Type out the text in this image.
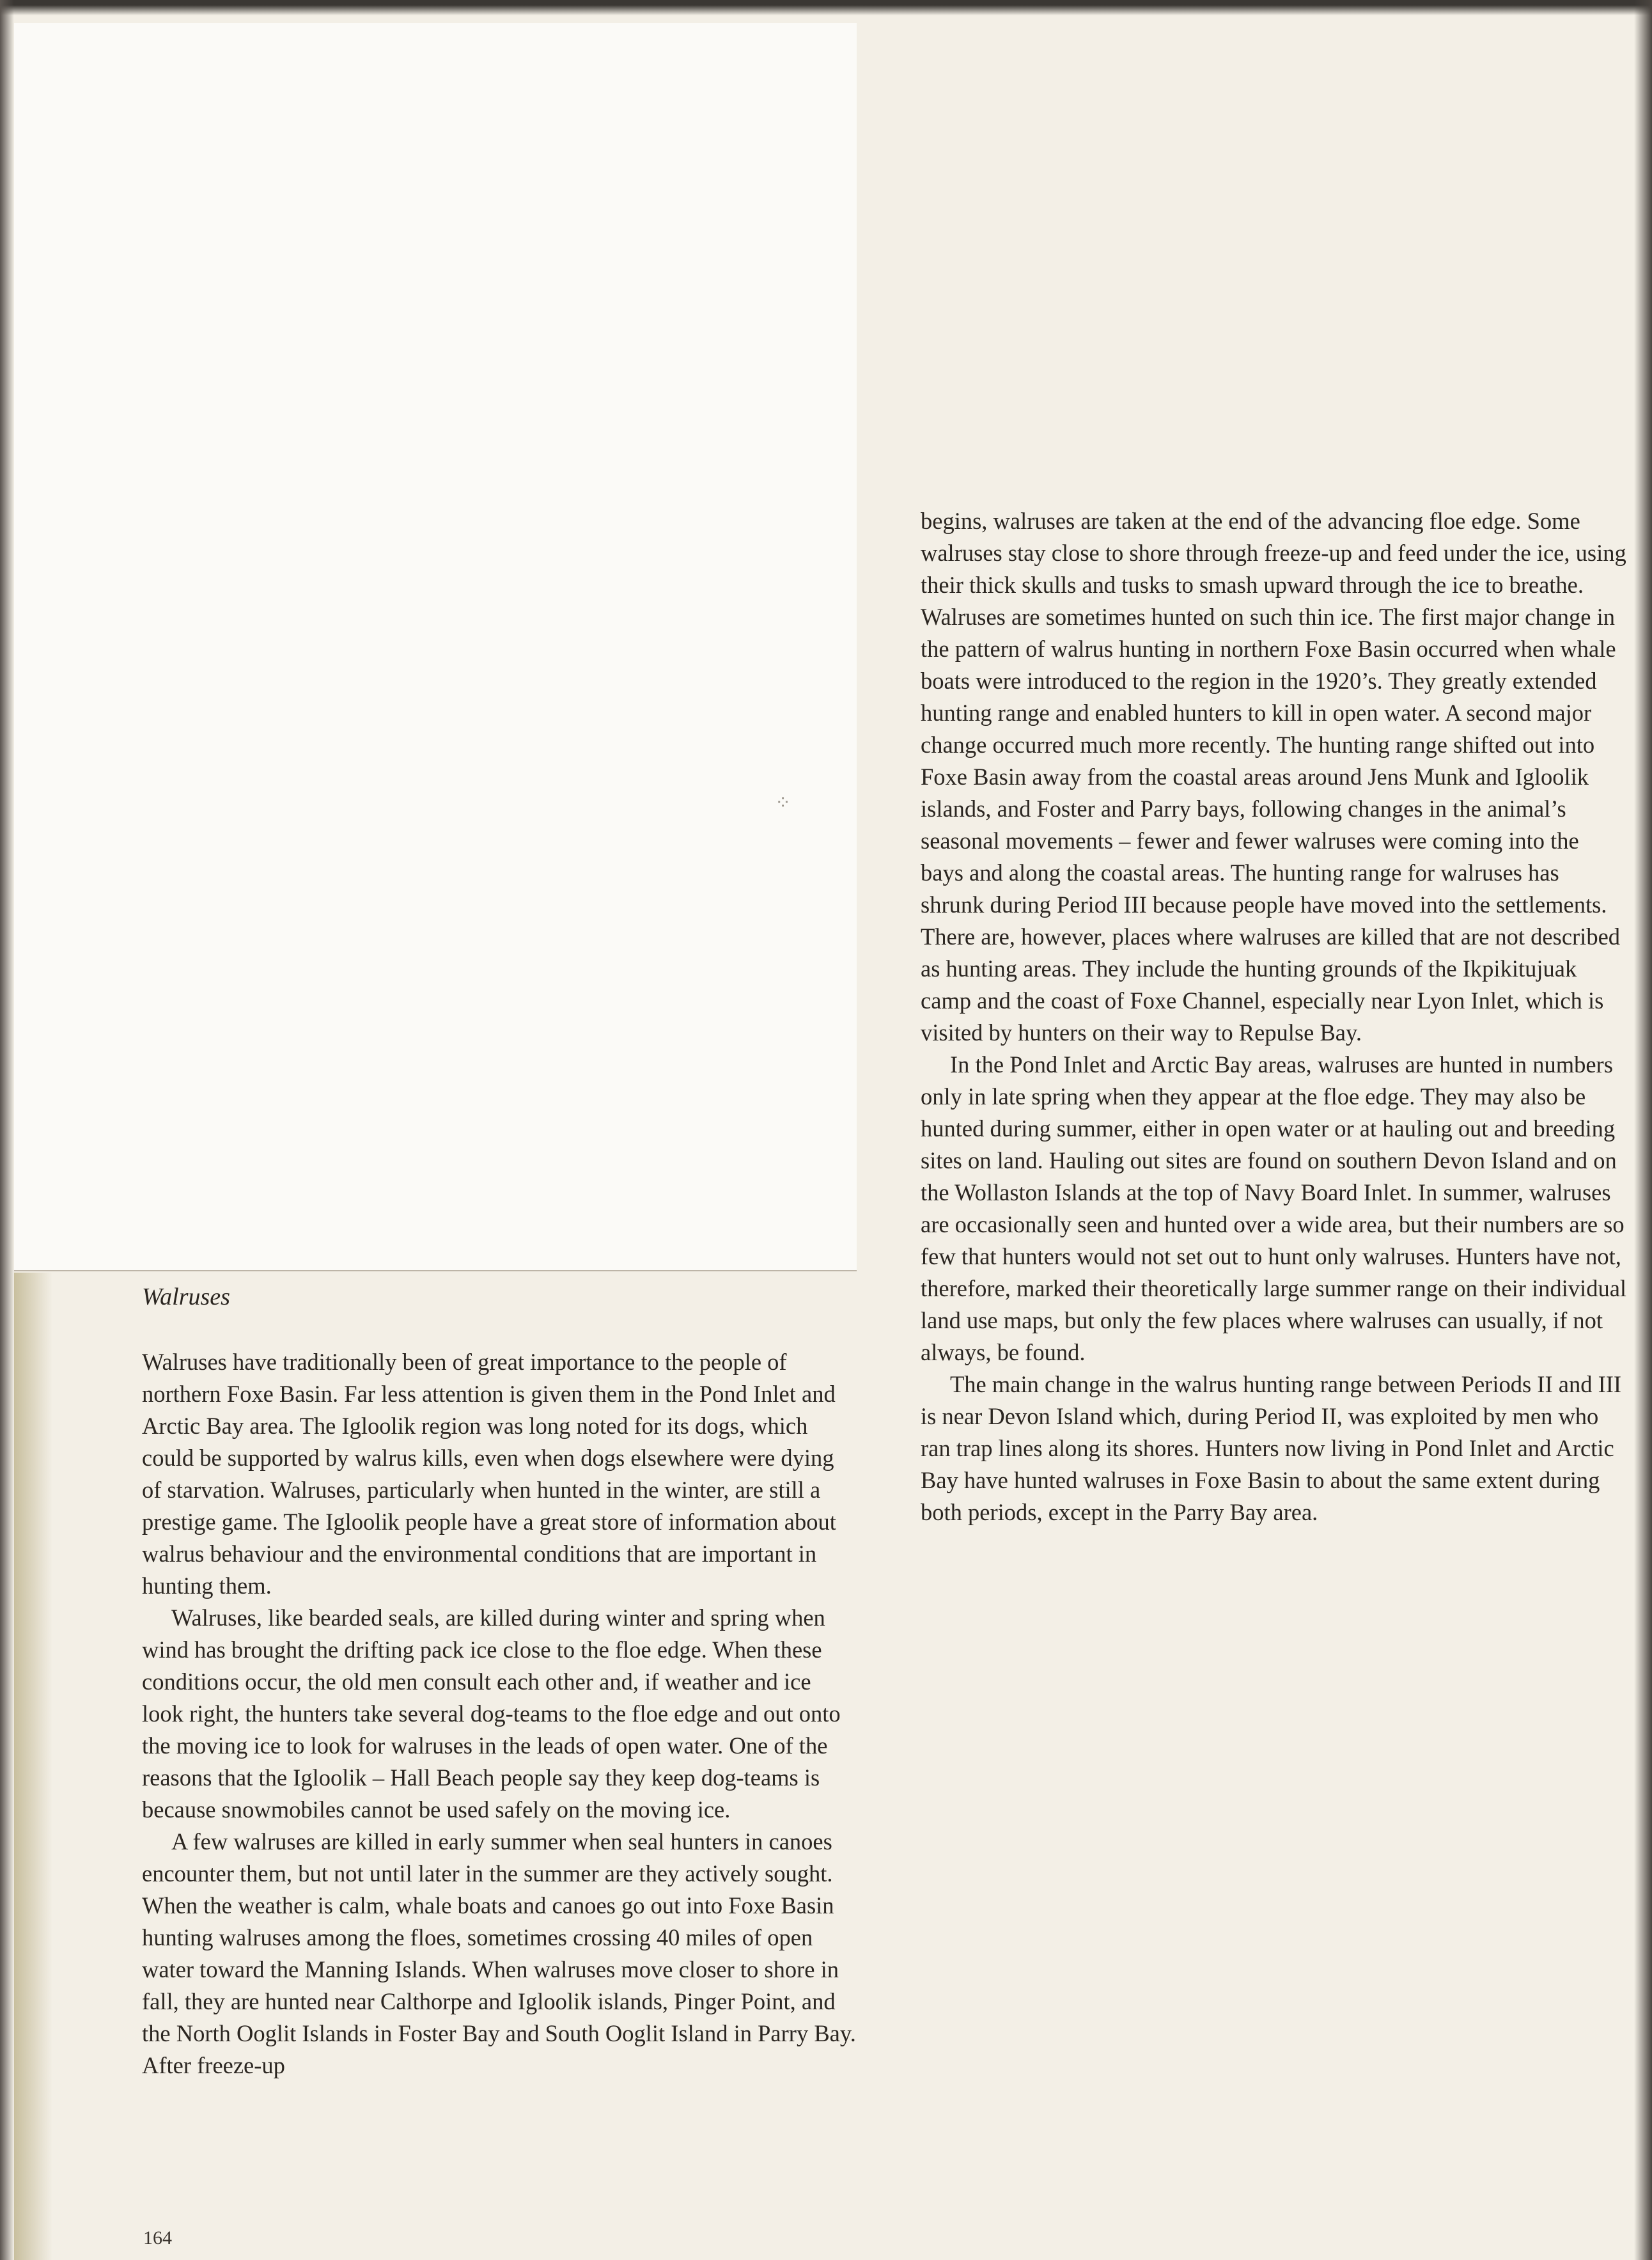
⁘
Walruses

Walruses have traditionally been of great importance to the people of northern Foxe Basin. Far less attention is given them in the Pond Inlet and Arctic Bay area. The Igloolik region was long noted for its dogs, which could be supported by walrus kills, even when dogs elsewhere were dying of starvation. Walruses, particularly when hunted in the winter, are still a prestige game. The Igloolik people have a great store of information about walrus behaviour and the environmental conditions that are important in hunting them.

Walruses, like bearded seals, are killed during winter and spring when wind has brought the drifting pack ice close to the floe edge. When these conditions occur, the old men consult each other and, if weather and ice look right, the hunters take several dog-teams to the floe edge and out onto the moving ice to look for walruses in the leads of open water. One of the reasons that the Igloolik – Hall Beach people say they keep dog-teams is because snowmobiles cannot be used safely on the moving ice.

A few walruses are killed in early summer when seal hunters in canoes encounter them, but not until later in the summer are they actively sought. When the weather is calm, whale boats and canoes go out into Foxe Basin hunting walruses among the floes, sometimes crossing 40 miles of open water toward the Manning Islands. When walruses move closer to shore in fall, they are hunted near Calthorpe and Igloolik islands, Pinger Point, and the North Ooglit Islands in Foster Bay and South Ooglit Island in Parry Bay. After freeze-up

begins, walruses are taken at the end of the advancing floe edge. Some walruses stay close to shore through freeze-up and feed under the ice, using their thick skulls and tusks to smash upward through the ice to breathe. Walruses are sometimes hunted on such thin ice. The first major change in the pattern of walrus hunting in northern Foxe Basin occurred when whale boats were introduced to the region in the 1920’s. They greatly extended hunting range and enabled hunters to kill in open water. A second major change occurred much more recently. The hunting range shifted out into Foxe Basin away from the coastal areas around Jens Munk and Igloolik islands, and Foster and Parry bays, following changes in the animal’s seasonal movements – fewer and fewer walruses were coming into the bays and along the coastal areas. The hunting range for walruses has shrunk during Period III because people have moved into the settlements. There are, however, places where walruses are killed that are not described as hunting areas. They include the hunting grounds of the Ikpikitujuak camp and the coast of Foxe Channel, especially near Lyon Inlet, which is visited by hunters on their way to Repulse Bay.

In the Pond Inlet and Arctic Bay areas, walruses are hunted in numbers only in late spring when they appear at the floe edge. They may also be hunted during summer, either in open water or at hauling out and breeding sites on land. Hauling out sites are found on southern Devon Island and on the Wollaston Islands at the top of Navy Board Inlet. In summer, walruses are occasionally seen and hunted over a wide area, but their numbers are so few that hunters would not set out to hunt only walruses. Hunters have not, therefore, marked their theoretically large summer range on their individual land use maps, but only the few places where walruses can usually, if not always, be found.

The main change in the walrus hunting range between Periods II and III is near Devon Island which, during Period II, was exploited by men who ran trap lines along its shores. Hunters now living in Pond Inlet and Arctic Bay have hunted walruses in Foxe Basin to about the same extent during both periods, except in the Parry Bay area.

164
